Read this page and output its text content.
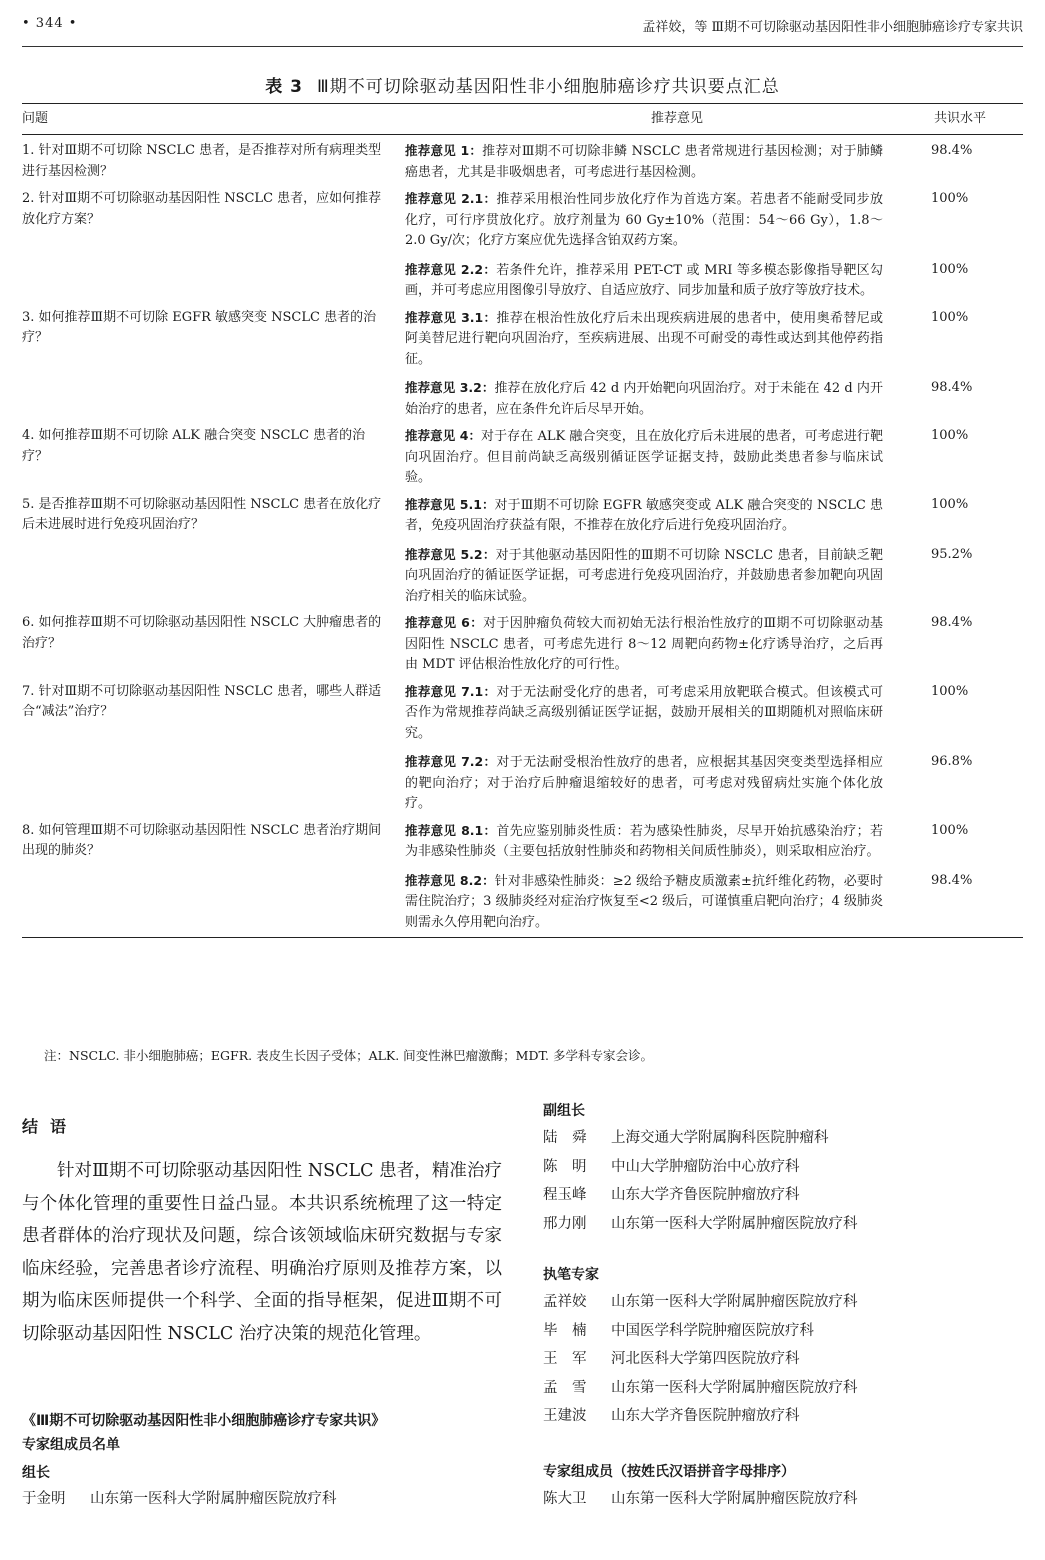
• 344 •	孟祥姣，等 Ⅲ期不可切除驱动基因阳性非小细胞肺癌诊疗专家共识
表 3 Ⅲ期不可切除驱动基因阳性非小细胞肺癌诊疗共识要点汇总
问题	推荐意见	共识水平
1. 针对Ⅲ期不可切除 NSCLC 患者，是否推荐对所有病理类型进行基因检测？	推荐意见 1：推荐对Ⅲ期不可切除非鳞 NSCLC 患者常规进行基因检测；对于肺鳞癌患者，尤其是非吸烟患者，可考虑进行基因检测。	98.4%
2. 针对Ⅲ期不可切除驱动基因阳性 NSCLC 患者，应如何推荐放化疗方案？	推荐意见 2.1：推荐采用根治性同步放化疗作为首选方案。若患者不能耐受同步放化疗，可行序贯放化疗。放疗剂量为 60 Gy±10%（范围：54～66 Gy），1.8～2.0 Gy/次；化疗方案应优先选择含铂双药方案。	100%
	推荐意见 2.2：若条件允许，推荐采用 PET-CT 或 MRI 等多模态影像指导靶区勾画，并可考虑应用图像引导放疗、自适应放疗、同步加量和质子放疗等放疗技术。	100%
3. 如何推荐Ⅲ期不可切除 EGFR 敏感突变 NSCLC 患者的治疗？	推荐意见 3.1：推荐在根治性放化疗后未出现疾病进展的患者中，使用奥希替尼或阿美替尼进行靶向巩固治疗，至疾病进展、出现不可耐受的毒性或达到其他停药指征。	100%
	推荐意见 3.2：推荐在放化疗后 42 d 内开始靶向巩固治疗。对于未能在 42 d 内开始治疗的患者，应在条件允许后尽早开始。	98.4%
4. 如何推荐Ⅲ期不可切除 ALK 融合突变 NSCLC 患者的治疗？	推荐意见 4：对于存在 ALK 融合突变，且在放化疗后未进展的患者，可考虑进行靶向巩固治疗。但目前尚缺乏高级别循证医学证据支持，鼓励此类患者参与临床试验。	100%
5. 是否推荐Ⅲ期不可切除驱动基因阳性 NSCLC 患者在放化疗后未进展时进行免疫巩固治疗？	推荐意见 5.1：对于Ⅲ期不可切除 EGFR 敏感突变或 ALK 融合突变的 NSCLC 患者，免疫巩固治疗获益有限，不推荐在放化疗后进行免疫巩固治疗。	100%
	推荐意见 5.2：对于其他驱动基因阳性的Ⅲ期不可切除 NSCLC 患者，目前缺乏靶向巩固治疗的循证医学证据，可考虑进行免疫巩固治疗，并鼓励患者参加靶向巩固治疗相关的临床试验。	95.2%
6. 如何推荐Ⅲ期不可切除驱动基因阳性 NSCLC 大肿瘤患者的治疗？	推荐意见 6：对于因肿瘤负荷较大而初始无法行根治性放疗的Ⅲ期不可切除驱动基因阳性 NSCLC 患者，可考虑先进行 8～12 周靶向药物±化疗诱导治疗，之后再由 MDT 评估根治性放化疗的可行性。	98.4%
7. 针对Ⅲ期不可切除驱动基因阳性 NSCLC 患者，哪些人群适合“减法”治疗？	推荐意见 7.1：对于无法耐受化疗的患者，可考虑采用放靶联合模式。但该模式可否作为常规推荐尚缺乏高级别循证医学证据，鼓励开展相关的Ⅲ期随机对照临床研究。	100%
	推荐意见 7.2：对于无法耐受根治性放疗的患者，应根据其基因突变类型选择相应的靶向治疗；对于治疗后肿瘤退缩较好的患者，可考虑对残留病灶实施个体化放疗。	96.8%
8. 如何管理Ⅲ期不可切除驱动基因阳性 NSCLC 患者治疗期间出现的肺炎？	推荐意见 8.1：首先应鉴别肺炎性质：若为感染性肺炎，尽早开始抗感染治疗；若为非感染性肺炎（主要包括放射性肺炎和药物相关间质性肺炎），则采取相应治疗。	100%
	推荐意见 8.2：针对非感染性肺炎：≥2 级给予糖皮质激素±抗纤维化药物，必要时需住院治疗；3 级肺炎经对症治疗恢复至<2 级后，可谨慎重启靶向治疗；4 级肺炎则需永久停用靶向治疗。	98.4%
注：NSCLC. 非小细胞肺癌；EGFR. 表皮生长因子受体；ALK. 间变性淋巴瘤激酶；MDT. 多学科专家会诊。
结语

针对Ⅲ期不可切除驱动基因阳性 NSCLC 患者，精准治疗与个体化管理的重要性日益凸显。本共识系统梳理了这一特定患者群体的治疗现状及问题，综合该领域临床研究数据与专家临床经验，完善患者诊疗流程、明确治疗原则及推荐方案，以期为临床医师提供一个科学、全面的指导框架，促进Ⅲ期不可切除驱动基因阳性 NSCLC 治疗决策的规范化管理。

《Ⅲ期不可切除驱动基因阳性非小细胞肺癌诊疗专家共识》
专家组成员名单
组长
于金明 山东第一医科大学附属肿瘤医院放疗科
副组长
陆　舜 上海交通大学附属胸科医院肿瘤科
陈　明 中山大学肿瘤防治中心放疗科
程玉峰 山东大学齐鲁医院肿瘤放疗科
邢力刚 山东第一医科大学附属肿瘤医院放疗科
执笔专家
孟祥姣 山东第一医科大学附属肿瘤医院放疗科
毕　楠 中国医学科学院肿瘤医院放疗科
王　军 河北医科大学第四医院放疗科
孟　雪 山东第一医科大学附属肿瘤医院放疗科
王建波 山东大学齐鲁医院肿瘤放疗科
专家组成员（按姓氏汉语拼音字母排序）
陈大卫 山东第一医科大学附属肿瘤医院放疗科
